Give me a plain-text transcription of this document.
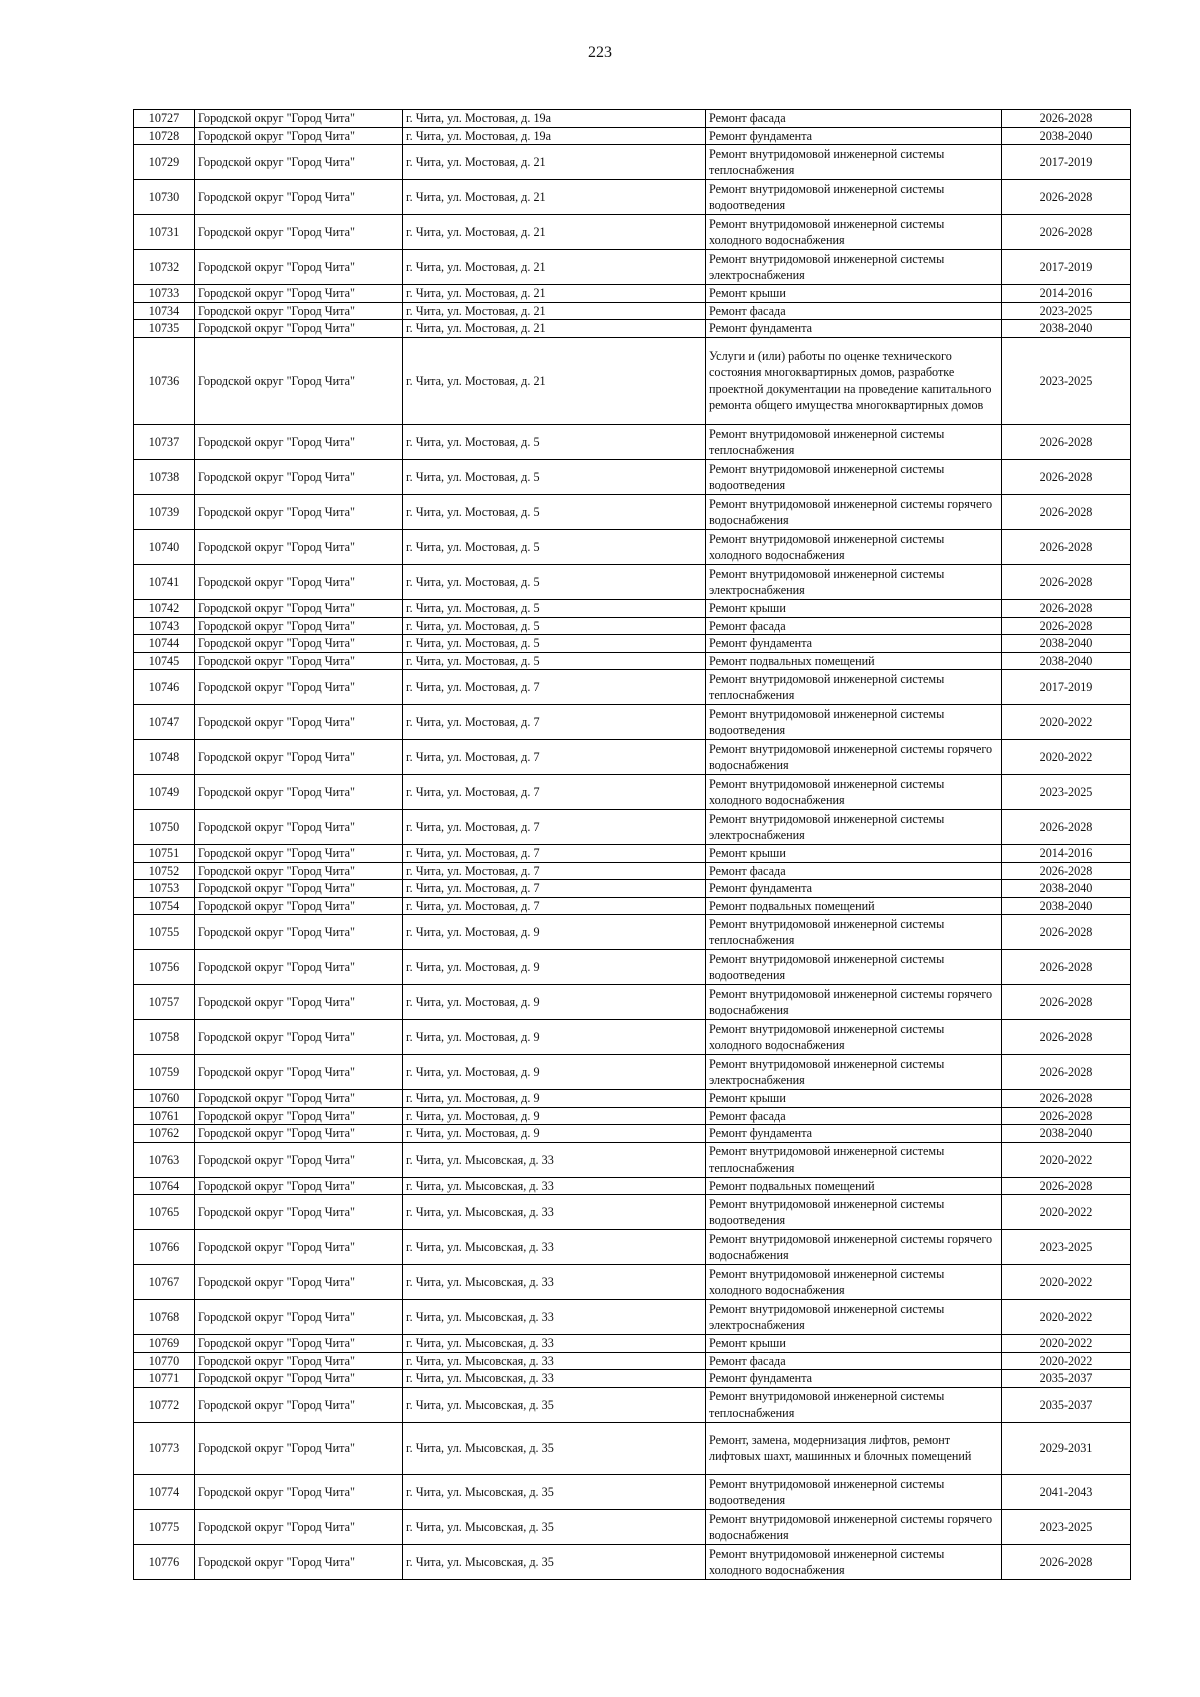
223
10727	Городской округ "Город Чита"	г. Чита, ул. Мостовая, д. 19а	Ремонт фасада	2026-2028
10728	Городской округ "Город Чита"	г. Чита, ул. Мостовая, д. 19а	Ремонт фундамента	2038-2040
10729	Городской округ "Город Чита"	г. Чита, ул. Мостовая, д. 21	Ремонт внутридомовой инженерной системы теплоснабжения	2017-2019
10730	Городской округ "Город Чита"	г. Чита, ул. Мостовая, д. 21	Ремонт внутридомовой инженерной системы водоотведения	2026-2028
10731	Городской округ "Город Чита"	г. Чита, ул. Мостовая, д. 21	Ремонт внутридомовой инженерной системы холодного водоснабжения	2026-2028
10732	Городской округ "Город Чита"	г. Чита, ул. Мостовая, д. 21	Ремонт внутридомовой инженерной системы электроснабжения	2017-2019
10733	Городской округ "Город Чита"	г. Чита, ул. Мостовая, д. 21	Ремонт крыши	2014-2016
10734	Городской округ "Город Чита"	г. Чита, ул. Мостовая, д. 21	Ремонт фасада	2023-2025
10735	Городской округ "Город Чита"	г. Чита, ул. Мостовая, д. 21	Ремонт фундамента	2038-2040
10736	Городской округ "Город Чита"	г. Чита, ул. Мостовая, д. 21	Услуги и (или) работы по оценке технического состояния многоквартирных домов, разработке проектной документации на проведение капитального ремонта общего имущества многоквартирных домов	2023-2025
10737	Городской округ "Город Чита"	г. Чита, ул. Мостовая, д. 5	Ремонт внутридомовой инженерной системы теплоснабжения	2026-2028
10738	Городской округ "Город Чита"	г. Чита, ул. Мостовая, д. 5	Ремонт внутридомовой инженерной системы водоотведения	2026-2028
10739	Городской округ "Город Чита"	г. Чита, ул. Мостовая, д. 5	Ремонт внутридомовой инженерной системы горячего водоснабжения	2026-2028
10740	Городской округ "Город Чита"	г. Чита, ул. Мостовая, д. 5	Ремонт внутридомовой инженерной системы холодного водоснабжения	2026-2028
10741	Городской округ "Город Чита"	г. Чита, ул. Мостовая, д. 5	Ремонт внутридомовой инженерной системы электроснабжения	2026-2028
10742	Городской округ "Город Чита"	г. Чита, ул. Мостовая, д. 5	Ремонт крыши	2026-2028
10743	Городской округ "Город Чита"	г. Чита, ул. Мостовая, д. 5	Ремонт фасада	2026-2028
10744	Городской округ "Город Чита"	г. Чита, ул. Мостовая, д. 5	Ремонт фундамента	2038-2040
10745	Городской округ "Город Чита"	г. Чита, ул. Мостовая, д. 5	Ремонт подвальных помещений	2038-2040
10746	Городской округ "Город Чита"	г. Чита, ул. Мостовая, д. 7	Ремонт внутридомовой инженерной системы теплоснабжения	2017-2019
10747	Городской округ "Город Чита"	г. Чита, ул. Мостовая, д. 7	Ремонт внутридомовой инженерной системы водоотведения	2020-2022
10748	Городской округ "Город Чита"	г. Чита, ул. Мостовая, д. 7	Ремонт внутридомовой инженерной системы горячего водоснабжения	2020-2022
10749	Городской округ "Город Чита"	г. Чита, ул. Мостовая, д. 7	Ремонт внутридомовой инженерной системы холодного водоснабжения	2023-2025
10750	Городской округ "Город Чита"	г. Чита, ул. Мостовая, д. 7	Ремонт внутридомовой инженерной системы электроснабжения	2026-2028
10751	Городской округ "Город Чита"	г. Чита, ул. Мостовая, д. 7	Ремонт крыши	2014-2016
10752	Городской округ "Город Чита"	г. Чита, ул. Мостовая, д. 7	Ремонт фасада	2026-2028
10753	Городской округ "Город Чита"	г. Чита, ул. Мостовая, д. 7	Ремонт фундамента	2038-2040
10754	Городской округ "Город Чита"	г. Чита, ул. Мостовая, д. 7	Ремонт подвальных помещений	2038-2040
10755	Городской округ "Город Чита"	г. Чита, ул. Мостовая, д. 9	Ремонт внутридомовой инженерной системы теплоснабжения	2026-2028
10756	Городской округ "Город Чита"	г. Чита, ул. Мостовая, д. 9	Ремонт внутридомовой инженерной системы водоотведения	2026-2028
10757	Городской округ "Город Чита"	г. Чита, ул. Мостовая, д. 9	Ремонт внутридомовой инженерной системы горячего водоснабжения	2026-2028
10758	Городской округ "Город Чита"	г. Чита, ул. Мостовая, д. 9	Ремонт внутридомовой инженерной системы холодного водоснабжения	2026-2028
10759	Городской округ "Город Чита"	г. Чита, ул. Мостовая, д. 9	Ремонт внутридомовой инженерной системы электроснабжения	2026-2028
10760	Городской округ "Город Чита"	г. Чита, ул. Мостовая, д. 9	Ремонт крыши	2026-2028
10761	Городской округ "Город Чита"	г. Чита, ул. Мостовая, д. 9	Ремонт фасада	2026-2028
10762	Городской округ "Город Чита"	г. Чита, ул. Мостовая, д. 9	Ремонт фундамента	2038-2040
10763	Городской округ "Город Чита"	г. Чита, ул. Мысовская, д. 33	Ремонт внутридомовой инженерной системы теплоснабжения	2020-2022
10764	Городской округ "Город Чита"	г. Чита, ул. Мысовская, д. 33	Ремонт подвальных помещений	2026-2028
10765	Городской округ "Город Чита"	г. Чита, ул. Мысовская, д. 33	Ремонт внутридомовой инженерной системы водоотведения	2020-2022
10766	Городской округ "Город Чита"	г. Чита, ул. Мысовская, д. 33	Ремонт внутридомовой инженерной системы горячего водоснабжения	2023-2025
10767	Городской округ "Город Чита"	г. Чита, ул. Мысовская, д. 33	Ремонт внутридомовой инженерной системы холодного водоснабжения	2020-2022
10768	Городской округ "Город Чита"	г. Чита, ул. Мысовская, д. 33	Ремонт внутридомовой инженерной системы электроснабжения	2020-2022
10769	Городской округ "Город Чита"	г. Чита, ул. Мысовская, д. 33	Ремонт крыши	2020-2022
10770	Городской округ "Город Чита"	г. Чита, ул. Мысовская, д. 33	Ремонт фасада	2020-2022
10771	Городской округ "Город Чита"	г. Чита, ул. Мысовская, д. 33	Ремонт фундамента	2035-2037
10772	Городской округ "Город Чита"	г. Чита, ул. Мысовская, д. 35	Ремонт внутридомовой инженерной системы теплоснабжения	2035-2037
10773	Городской округ "Город Чита"	г. Чита, ул. Мысовская, д. 35	Ремонт, замена, модернизация лифтов, ремонт лифтовых шахт, машинных и блочных помещений	2029-2031
10774	Городской округ "Город Чита"	г. Чита, ул. Мысовская, д. 35	Ремонт внутридомовой инженерной системы водоотведения	2041-2043
10775	Городской округ "Город Чита"	г. Чита, ул. Мысовская, д. 35	Ремонт внутридомовой инженерной системы горячего водоснабжения	2023-2025
10776	Городской округ "Город Чита"	г. Чита, ул. Мысовская, д. 35	Ремонт внутридомовой инженерной системы холодного водоснабжения	2026-2028
